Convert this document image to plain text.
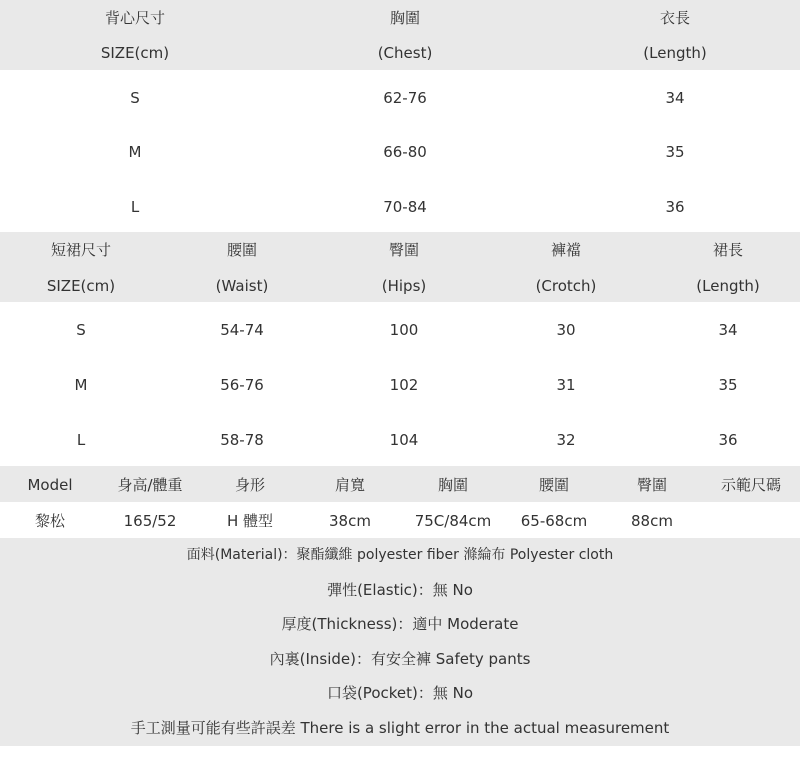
背心尺寸	胸圍	衣長
SIZE(cm)	(Chest)	(Length)
S	62-76	34
M	66-80	35
L	70-84	36
短裙尺寸	腰圍	臀圍	褲襠	裙長
SIZE(cm)	(Waist)	(Hips)	(Crotch)	(Length)
S	54-74	100	30	34
M	56-76	102	31	35
L	58-78	104	32	36
Model	身高/體重	身形	肩寬	胸圍	腰圍	臀圍	示範尺碼
黎松	165/52	H 體型	38cm	75C/84cm	65-68cm	88cm

面料(Material)：聚酯纖維 polyester fiber 滌綸布 Polyester cloth

彈性(Elastic)：無 No

厚度(Thickness)：適中 Moderate

內裏(Inside)：有安全褲 Safety pants

口袋(Pocket)：無 No

手工測量可能有些許誤差 There is a slight error in the actual measurement
